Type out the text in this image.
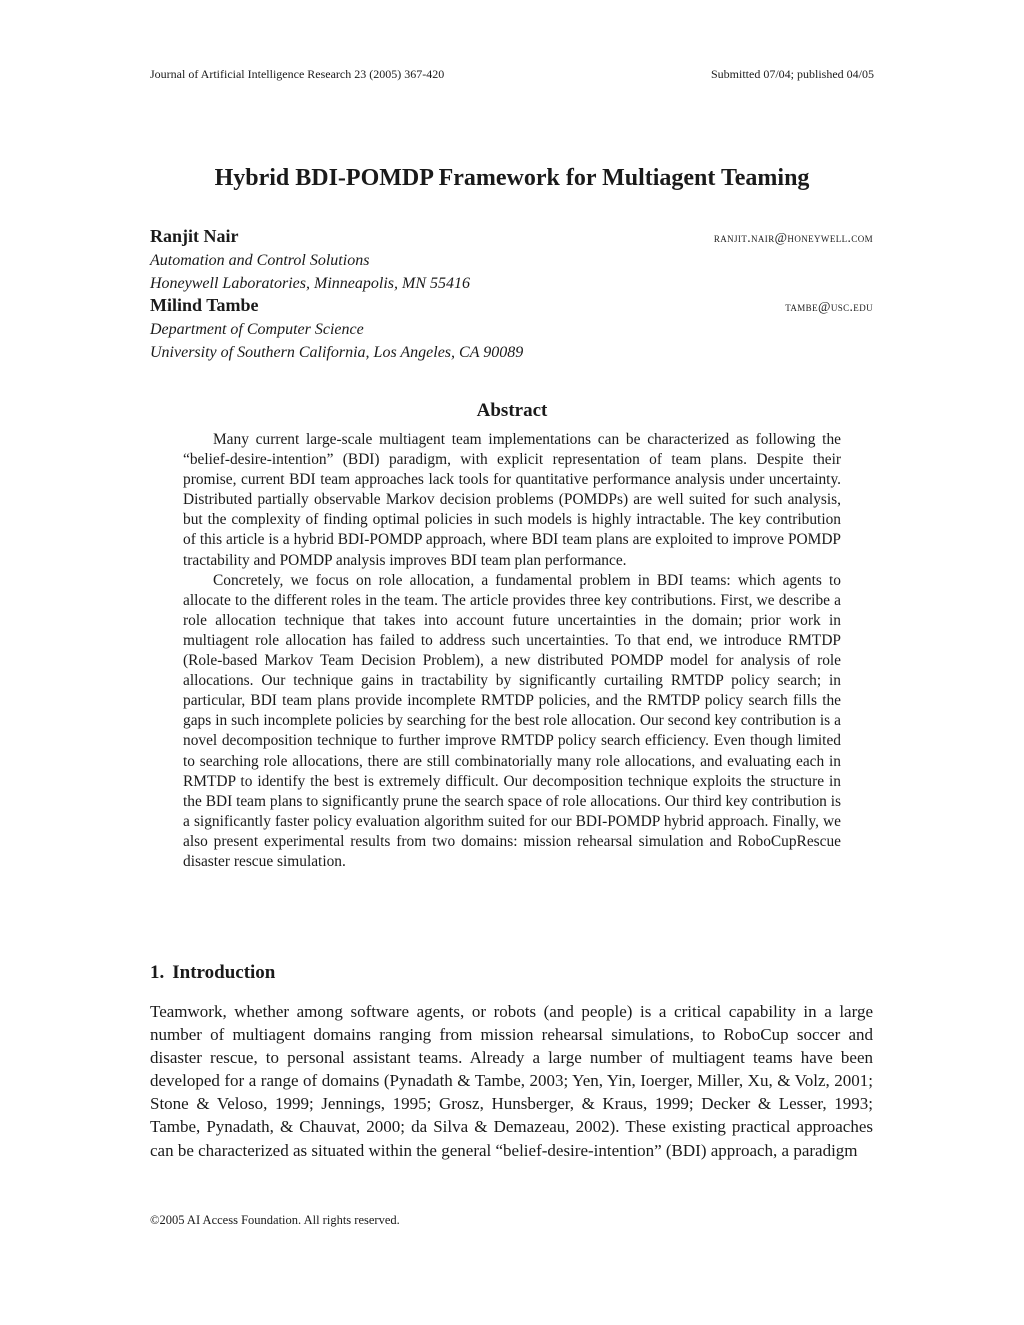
Journal of Artificial Intelligence Research 23 (2005) 367-420	Submitted 07/04; published 04/05
Hybrid BDI-POMDP Framework for Multiagent Teaming
Ranjit Nair	ranjit.nair@honeywell.com
Automation and Control Solutions
Honeywell Laboratories, Minneapolis, MN 55416
Milind Tambe	tambe@usc.edu
Department of Computer Science
University of Southern California, Los Angeles, CA 90089
Abstract

Many current large-scale multiagent team implementations can be characterized as following the “belief-desire-intention” (BDI) paradigm, with explicit representation of team plans. Despite their promise, current BDI team approaches lack tools for quantitative performance analysis under uncertainty. Distributed partially observable Markov decision problems (POMDPs) are well suited for such analysis, but the complexity of finding optimal policies in such models is highly intractable. The key contribution of this article is a hybrid BDI-POMDP approach, where BDI team plans are exploited to improve POMDP tractability and POMDP analysis improves BDI team plan performance.

Concretely, we focus on role allocation, a fundamental problem in BDI teams: which agents to allocate to the different roles in the team. The article provides three key contributions. First, we describe a role allocation technique that takes into account future uncertainties in the domain; prior work in multiagent role allocation has failed to address such uncertainties. To that end, we introduce RMTDP (Role-based Markov Team Decision Problem), a new distributed POMDP model for analysis of role allocations. Our technique gains in tractability by significantly curtailing RMTDP policy search; in particular, BDI team plans provide incomplete RMTDP policies, and the RMTDP policy search fills the gaps in such incomplete policies by searching for the best role allocation. Our second key contribution is a novel decomposition technique to further improve RMTDP policy search efficiency. Even though limited to searching role allocations, there are still combinatorially many role allocations, and evaluating each in RMTDP to identify the best is extremely difficult. Our decomposition technique exploits the structure in the BDI team plans to significantly prune the search space of role allocations. Our third key contribution is a significantly faster policy evaluation algorithm suited for our BDI-POMDP hybrid approach. Finally, we also present experimental results from two domains: mission rehearsal simulation and RoboCupRescue disaster rescue simulation.

1. Introduction

Teamwork, whether among software agents, or robots (and people) is a critical capability in a large number of multiagent domains ranging from mission rehearsal simulations, to RoboCup soccer and disaster rescue, to personal assistant teams. Already a large number of multiagent teams have been developed for a range of domains (Pynadath & Tambe, 2003; Yen, Yin, Ioerger, Miller, Xu, & Volz, 2001; Stone & Veloso, 1999; Jennings, 1995; Grosz, Hunsberger, & Kraus, 1999; Decker & Lesser, 1993; Tambe, Pynadath, & Chauvat, 2000; da Silva & Demazeau, 2002). These existing practical approaches can be characterized as situated within the general “belief-desire-intention” (BDI) approach, a paradigm

©2005 AI Access Foundation. All rights reserved.
